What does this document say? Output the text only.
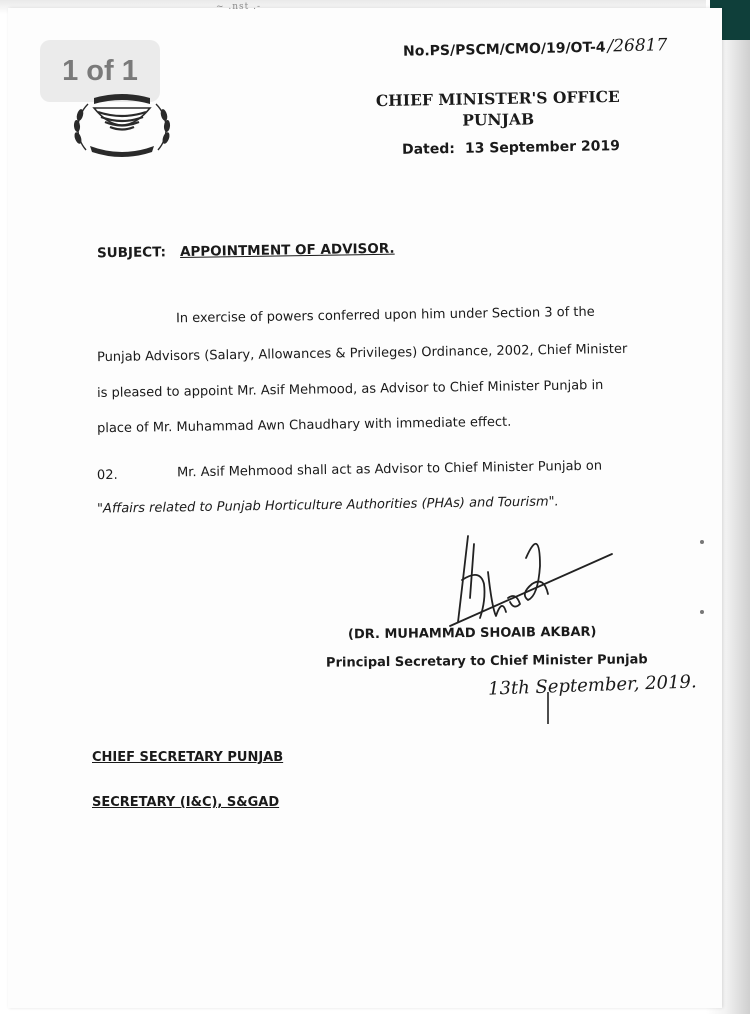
~ .nst .-
1 of 1
No.PS/PSCM/CMO/19/OT-4/26817
CHIEF MINISTER'S OFFICE
PUNJAB
Dated: 13 September 2019
SUBJECT: APPOINTMENT OF ADVISOR.
In exercise of powers conferred upon him under Section 3 of the
Punjab Advisors (Salary, Allowances & Privileges) Ordinance, 2002, Chief Minister
is pleased to appoint Mr. Asif Mehmood, as Advisor to Chief Minister Punjab in
place of Mr. Muhammad Awn Chaudhary with immediate effect.
02.	Mr. Asif Mehmood shall act as Advisor to Chief Minister Punjab on
"Affairs related to Punjab Horticulture Authorities (PHAs) and Tourism".
(DR. MUHAMMAD SHOAIB AKBAR)
Principal Secretary to Chief Minister Punjab
13th September, 2019.
CHIEF SECRETARY PUNJAB
SECRETARY (I&C), S&GAD
